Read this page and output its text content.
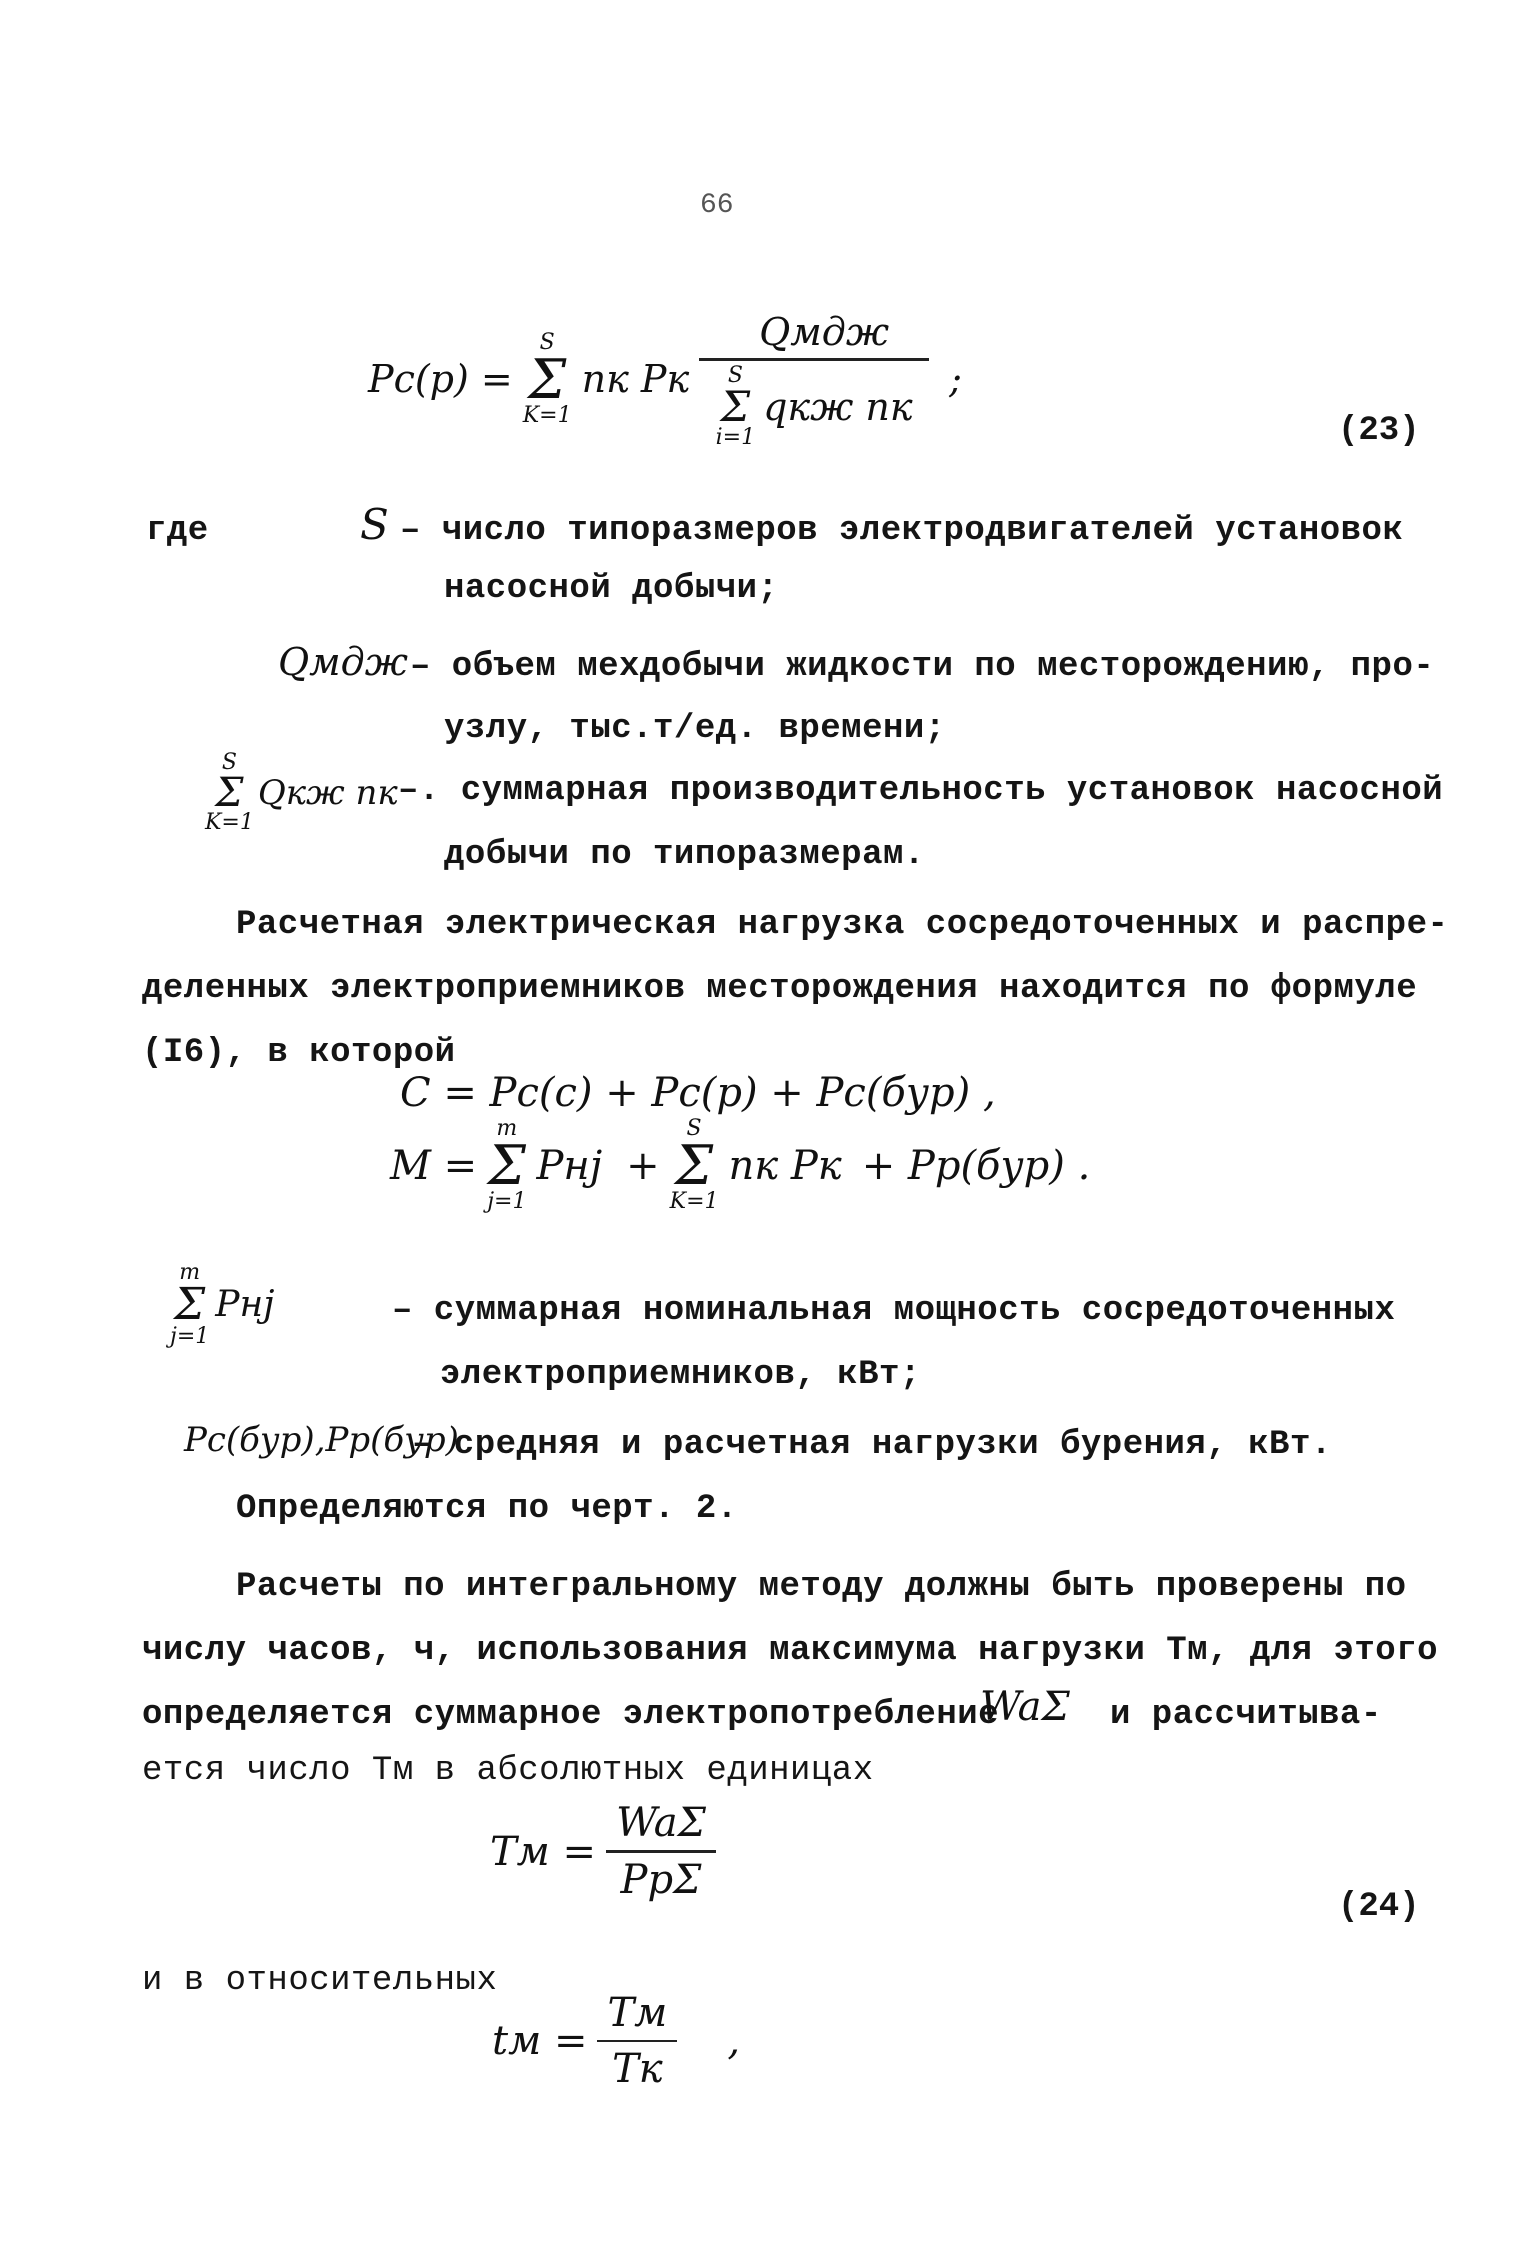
66
Pc(p) =
S
Σ
K=1
nк Pк Qмдж
S
Σ
i=1
qкж nк ;
(23)
где	S – число типоразмеров электродвигателей установок
насосной добычи;
Qмдж – объем мехдобычи жидкости по месторождению, про-
узлу, тыс.т/ед. времени;
S
Σ
K=1
Qкж nк –. суммарная производительность установок насосной
добычи по типоразмерам.
Расчетная электрическая нагрузка сосредоточенных и распре-
деленных электроприемников месторождения находится по формуле
(I6), в которой
C = Pc(c) + Pc(p) + Pc(бур) ,
M =
m
Σ
j=1
Pнj +
S
Σ
K=1
nк Pк + Pp(бур) .
m
Σ
j=1
Pнj	– суммарная номинальная мощность сосредоточенных
электроприемников, кВт;
Pc(бур),Pp(бур)
– средняя и расчетная нагрузки бурения, кВт.
Определяются по черт. 2.
Расчеты по интегральному методу должны быть проверены по
числу часов, ч, использования максимума нагрузки Tм, для этого
определяется суммарное электропотребление
WaΣ и рассчитыва-
ется число Tм в абсолютных единицах
Tм = $\frac{\text{WaΣ}}{\text{PpΣ}}$
(24)
и в относительных
tм = $\frac{Tм}{Tк}$ ,
